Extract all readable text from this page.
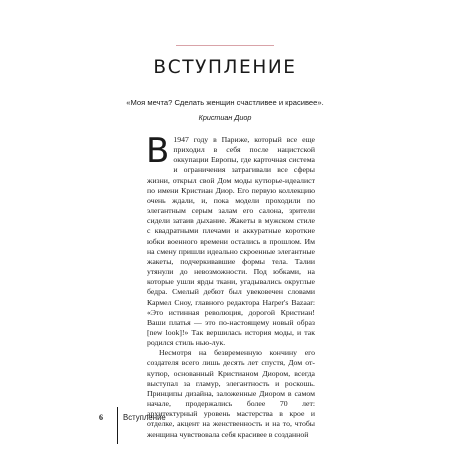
ВСТУПЛЕНИЕ
«Моя мечта? Сделать женщин счастливее и красивее».
Кристиан Диор

В 1947 году в Париже, который все еще приходил в себя после нацистской оккупации Европы, где карточная система и ограничения затрагивали все сферы жизни, открыл свой Дом моды кутюрье-идеалист по имени Кристиан Диор. Его первую коллекцию очень ждали, и, пока модели проходили по элегантным серым залам его салона, зрители сидели затаив дыхание. Жакеты в мужском стиле с квадратными плечами и аккуратные короткие юбки военного времени остались в прошлом. Им на смену пришли идеально скроенные элегантные жакеты, подчеркивавшие формы тела. Талии утянули до невозможности. Под юбками, на которые ушли ярды ткани, угадывались округлые бедра. Смелый дебют был увековечен словами Кармел Сноу, главного редактора Harper's Bazaar: «Это истинная революция, дорогой Кристиан! Ваши платья — это по-настоящему новый образ [new look]!» Так вершилась история моды, и так родился стиль нью-лук.

Несмотря на безвременную кончину его создателя всего лишь десять лет спустя, Дом от-кутюр, основанный Кристианом Диором, всегда выступал за гламур, элегантность и роскошь. Принципы дизайна, заложенные Диором в самом начале, продержались более 70 лет: архитектурный уровень мастерства в крое и отделке, акцент на женственность и на то, чтобы женщина чувствовала себя красивее в созданной

6	Вступление
